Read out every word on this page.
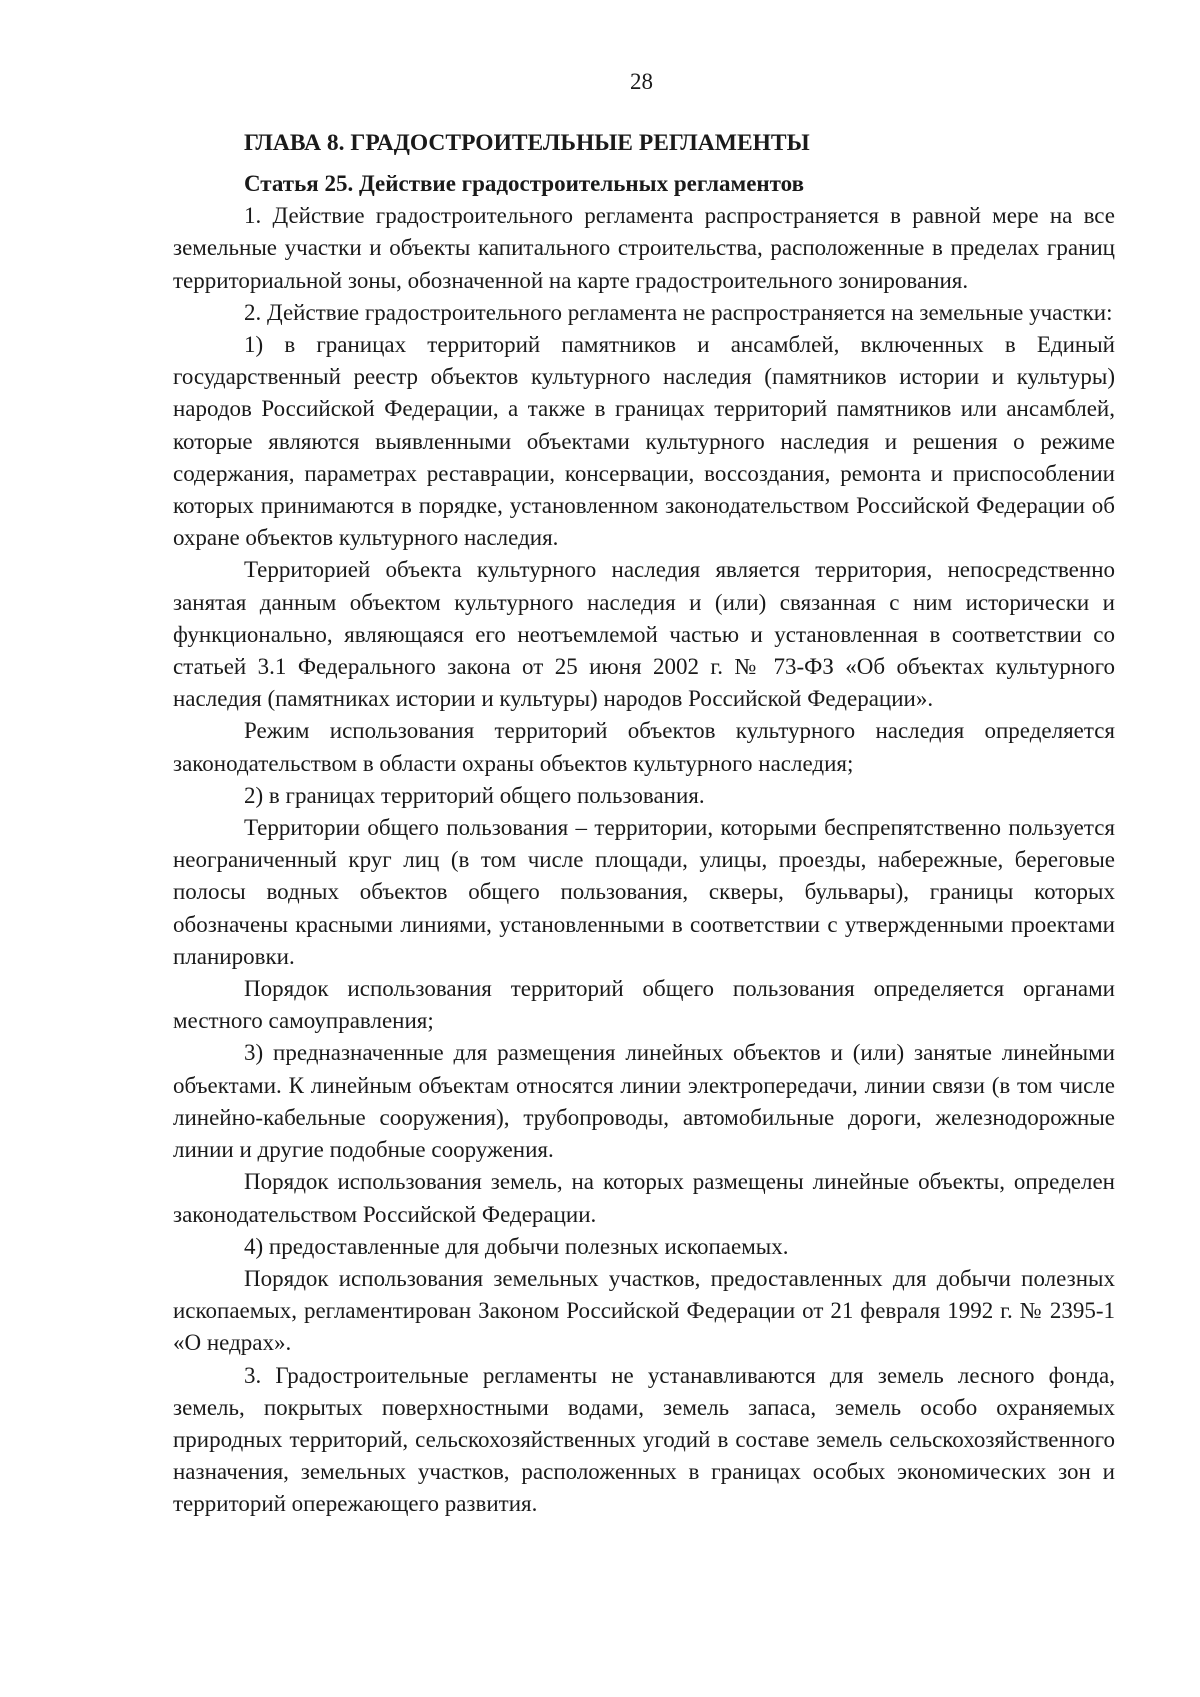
28
ГЛАВА 8. ГРАДОСТРОИТЕЛЬНЫЕ РЕГЛАМЕНТЫ
Статья 25. Действие градостроительных регламентов

1. Действие градостроительного регламента распространяется в равной мере на все земельные участки и объекты капитального строительства, расположенные в пределах границ территориальной зоны, обозначенной на карте градостроительного зонирования.

2. Действие градостроительного регламента не распространяется на земельные участки:

1) в границах территорий памятников и ансамблей, включенных в Единый государственный реестр объектов культурного наследия (памятников истории и культуры) народов Российской Федерации, а также в границах территорий памятников или ансамблей, которые являются выявленными объектами культурного наследия и решения о режиме содержания, параметрах реставрации, консервации, воссоздания, ремонта и приспособлении которых принимаются в порядке, установленном законодательством Российской Федерации об охране объектов культурного наследия.

Территорией объекта культурного наследия является территория, непосредственно занятая данным объектом культурного наследия и (или) связанная с ним исторически и функционально, являющаяся его неотъемлемой частью и установленная в соответствии со статьей 3.1 Федерального закона от 25 июня 2002 г. № 73-ФЗ «Об объектах культурного наследия (памятниках истории и культуры) народов Российской Федерации».

Режим использования территорий объектов культурного наследия определяется законодательством в области охраны объектов культурного наследия;

2) в границах территорий общего пользования.

Территории общего пользования – территории, которыми беспрепятственно пользуется неограниченный круг лиц (в том числе площади, улицы, проезды, набережные, береговые полосы водных объектов общего пользования, скверы, бульвары), границы которых обозначены красными линиями, установленными в соответствии с утвержденными проектами планировки.

Порядок использования территорий общего пользования определяется органами местного самоуправления;

3) предназначенные для размещения линейных объектов и (или) занятые линейными объектами. К линейным объектам относятся линии электропередачи, линии связи (в том числе линейно-кабельные сооружения), трубопроводы, автомобильные дороги, железнодорожные линии и другие подобные сооружения.

Порядок использования земель, на которых размещены линейные объекты, определен законодательством Российской Федерации.

4) предоставленные для добычи полезных ископаемых.

Порядок использования земельных участков, предоставленных для добычи полезных ископаемых, регламентирован Законом Российской Федерации от 21 февраля 1992 г. № 2395-1 «О недрах».

3. Градостроительные регламенты не устанавливаются для земель лесного фонда, земель, покрытых поверхностными водами, земель запаса, земель особо охраняемых природных территорий, сельскохозяйственных угодий в составе земель сельскохозяйственного назначения, земельных участков, расположенных в границах особых экономических зон и территорий опережающего развития.
